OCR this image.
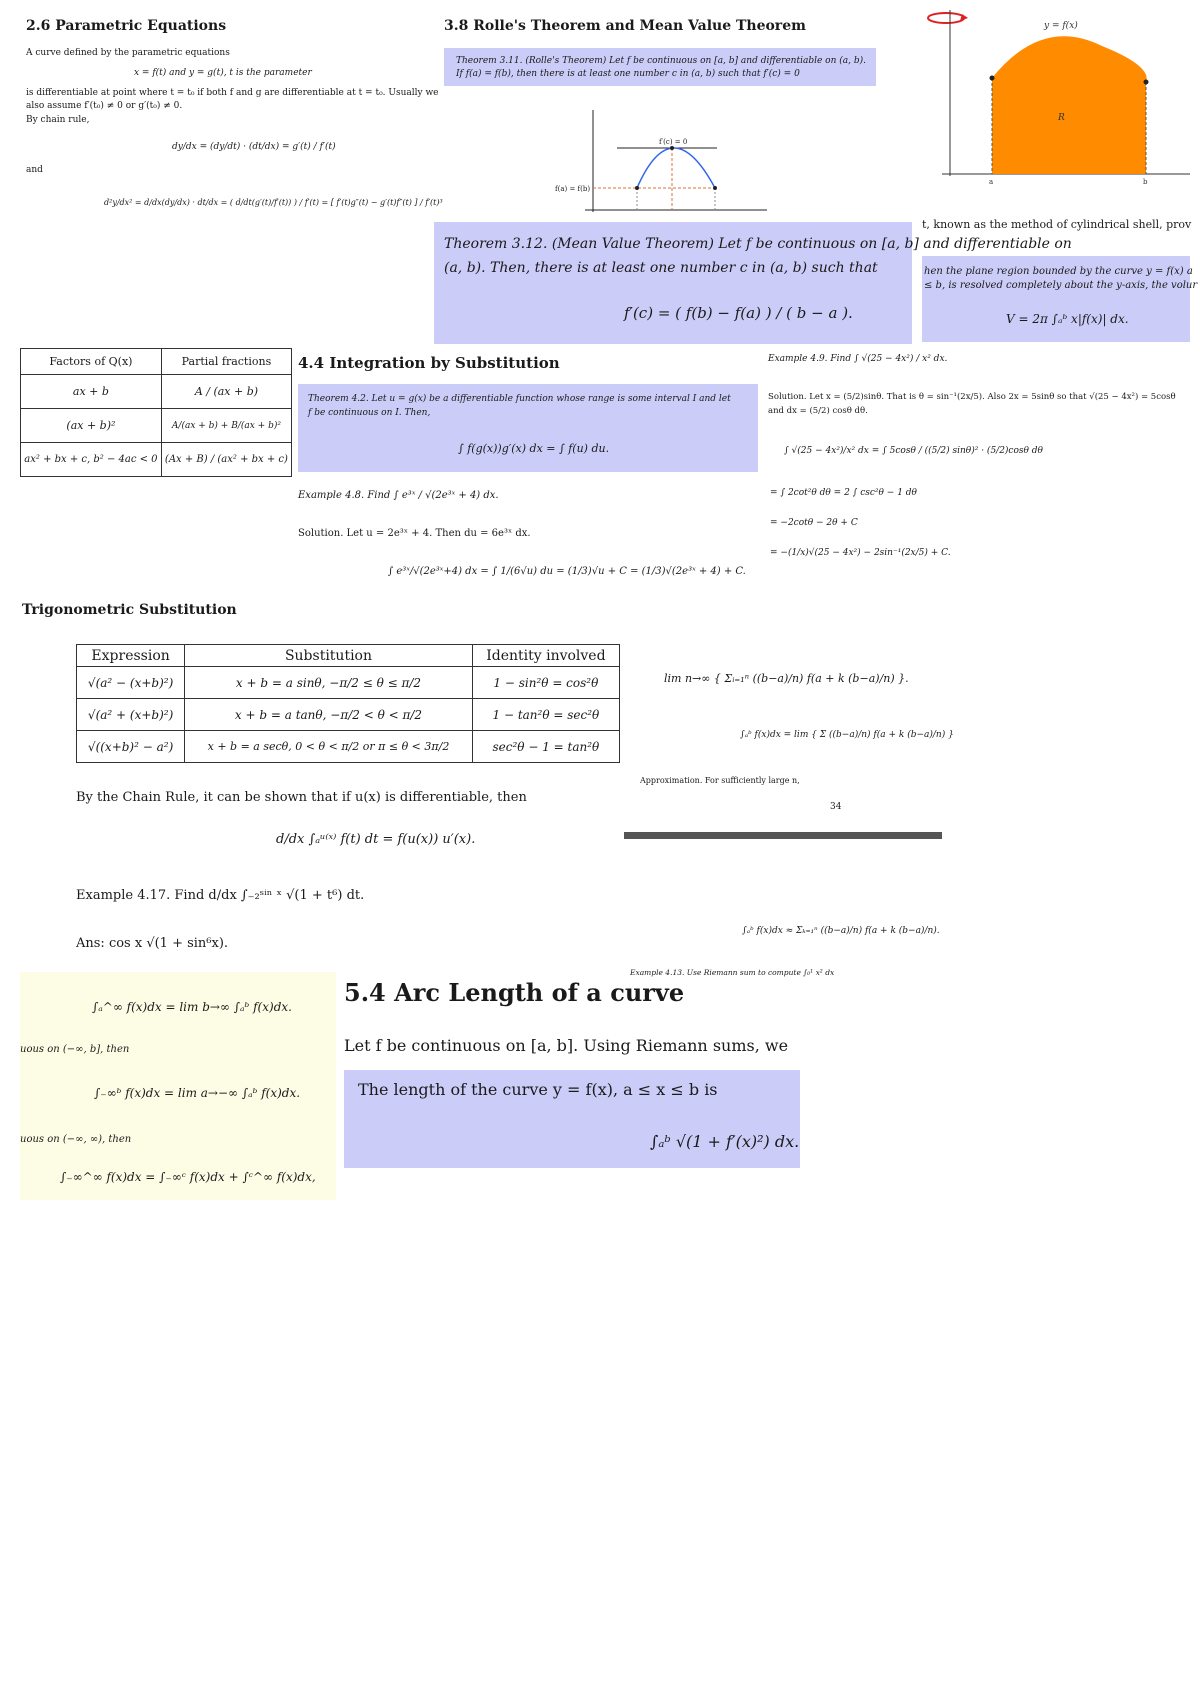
2.6 Parametric Equations
A curve defined by the parametric equations
x = f(t) and y = g(t), t is the parameter
is differentiable at point where t = t₀ if both f and g are differentiable at t = t₀. Usually we
also assume f′(t₀) ≠ 0 or g′(t₀) ≠ 0.
By chain rule,
dy/dx = (dy/dt) · (dt/dx) = g′(t) / f′(t)
and
d²y/dx² = d/dx(dy/dx) · dt/dx = ( d/dt(g′(t)/f′(t)) ) / f′(t) = [ f′(t)g″(t) − g′(t)f″(t) ] / f′(t)³
3.8 Rolle's Theorem and Mean Value Theorem
Theorem 3.11. (Rolle's Theorem) Let f be continuous on [a, b] and differentiable on (a, b). If f(a) = f(b), then there is at least one number c in (a, b) such that f′(c) = 0
f′(c) = 0
f(a) = f(b)
Theorem 3.12. (Mean Value Theorem) Let f be continuous on [a, b] and differentiable on
(a, b). Then, there is at least one number c in (a, b) such that
f′(c) = ( f(b) − f(a) ) / ( b − a ).
y = f(x)
R
a	b
t, known as the method of cylindrical shell, prov
hen the plane region bounded by the curve y = f(x) a
≤ b, is resolved completely about the y-axis, the volur
V = 2π ∫ₐᵇ x|f(x)| dx.
Factors of Q(x)	Partial fractions
ax + b	A / (ax + b)
(ax + b)²	A/(ax + b) + B/(ax + b)²
ax² + bx + c, b² − 4ac < 0	(Ax + B) / (ax² + bx + c)
4.4 Integration by Substitution
Theorem 4.2. Let u = g(x) be a differentiable function whose range is some interval I and let
f be continuous on I. Then,
∫ f(g(x))g′(x) dx = ∫ f(u) du.
Example 4.8. Find ∫ e³ˣ / √(2e³ˣ + 4) dx.
Solution. Let u = 2e³ˣ + 4. Then du = 6e³ˣ dx.
∫ e³ˣ/√(2e³ˣ+4) dx = ∫ 1/(6√u) du = (1/3)√u + C = (1/3)√(2e³ˣ + 4) + C.
Example 4.9. Find ∫ √(25 − 4x²) / x² dx.
Solution. Let x = (5/2)sinθ. That is θ = sin⁻¹(2x/5). Also 2x = 5sinθ so that √(25 − 4x²) = 5cosθ
and dx = (5/2) cosθ dθ.
∫ √(25 − 4x²)/x² dx = ∫ 5cosθ / ((5/2) sinθ)² · (5/2)cosθ dθ
= ∫ 2cot²θ dθ = 2 ∫ csc²θ − 1 dθ
= −2cotθ − 2θ + C
= −(1/x)√(25 − 4x²) − 2sin⁻¹(2x/5) + C.
Trigonometric Substitution
Expression	Substitution	Identity involved
√(a² − (x+b)²)	x + b = a sinθ, −π/2 ≤ θ ≤ π/2	1 − sin²θ = cos²θ
√(a² + (x+b)²)	x + b = a tanθ, −π/2 < θ < π/2	1 − tan²θ = sec²θ
√((x+b)² − a²)	x + b = a secθ, 0 < θ < π/2 or π ≤ θ < 3π/2	sec²θ − 1 = tan²θ
lim n→∞ { Σᵢ₌₁ⁿ ((b−a)/n) f(a + k (b−a)/n) }.
∫ₐᵇ f(x)dx = lim { Σ ((b−a)/n) f(a + k (b−a)/n) }
Approximation. For sufficiently large n,
34
∫ₐᵇ f(x)dx ≈ Σₖ₌₁ⁿ ((b−a)/n) f(a + k (b−a)/n).
Example 4.13. Use Riemann sum to compute ∫₀¹ x² dx
By the Chain Rule, it can be shown that if u(x) is differentiable, then
d/dx ∫ₐᵘ⁽ˣ⁾ f(t) dt = f(u(x)) u′(x).
Example 4.17. Find d/dx ∫₋₂ˢⁱⁿ ˣ √(1 + t⁶) dt.
Ans: cos x √(1 + sin⁶x).
∫ₐ^∞ f(x)dx = lim b→∞ ∫ₐᵇ f(x)dx.
uous on (−∞, b], then
∫₋∞ᵇ f(x)dx = lim a→−∞ ∫ₐᵇ f(x)dx.
uous on (−∞, ∞), then
∫₋∞^∞ f(x)dx = ∫₋∞ᶜ f(x)dx + ∫ᶜ^∞ f(x)dx,
5.4 Arc Length of a curve
Let f be continuous on [a, b]. Using Riemann sums, we
The length of the curve y = f(x), a ≤ x ≤ b is
∫ₐᵇ √(1 + f′(x)²) dx.
